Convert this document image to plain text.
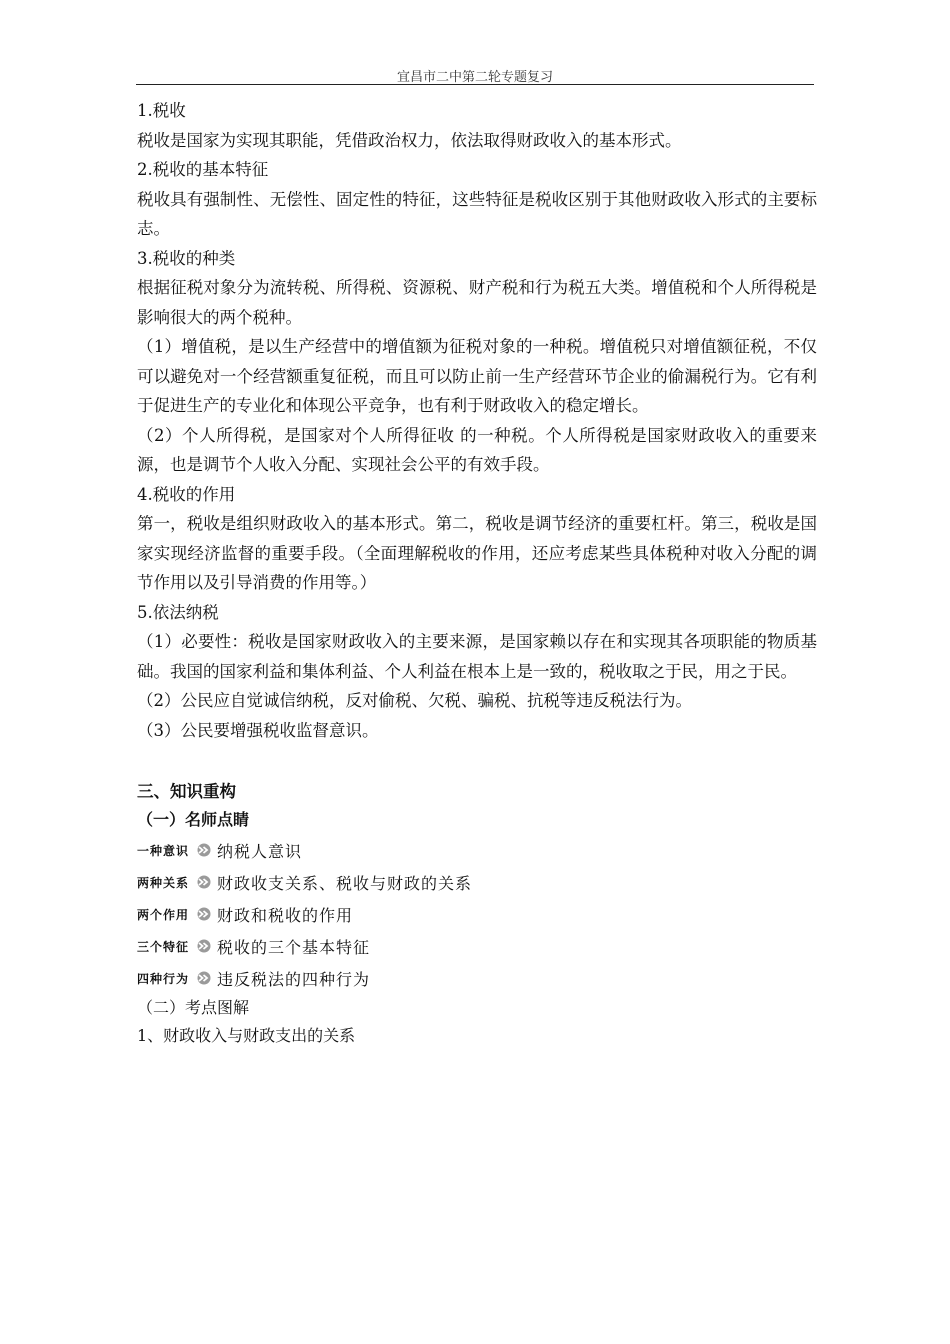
宜昌市二中第二轮专题复习

1.税收

税收是国家为实现其职能，凭借政治权力，依法取得财政收入的基本形式。

2.税收的基本特征

税收具有强制性、无偿性、固定性的特征，这些特征是税收区别于其他财政收入形式的主要标志。

3.税收的种类

根据征税对象分为流转税、所得税、资源税、财产税和行为税五大类。增值税和个人所得税是影响很大的两个税种。

（1）增值税，是以生产经营中的增值额为征税对象的一种税。增值税只对增值额征税，不仅可以避免对一个经营额重复征税，而且可以防止前一生产经营环节企业的偷漏税行为。它有利于促进生产的专业化和体现公平竞争，也有利于财政收入的稳定增长。

（2）个人所得税，是国家对个人所得征收 的一种税。个人所得税是国家财政收入的重要来源，也是调节个人收入分配、实现社会公平的有效手段。

4.税收的作用

第一，税收是组织财政收入的基本形式。第二，税收是调节经济的重要杠杆。第三，税收是国家实现经济监督的重要手段。（全面理解税收的作用，还应考虑某些具体税种对收入分配的调节作用以及引导消费的作用等。）

5.依法纳税

（1）必要性：税收是国家财政收入的主要来源，是国家赖以存在和实现其各项职能的物质基础。我国的国家利益和集体利益、个人利益在根本上是一致的，税收取之于民，用之于民。

（2）公民应自觉诚信纳税，反对偷税、欠税、骗税、抗税等违反税法行为。

（3）公民要增强税收监督意识。

三、知识重构

（一）名师点睛

一种意识 纳税人意识
两种关系 财政收支关系、税收与财政的关系
两个作用 财政和税收的作用
三个特征 税收的三个基本特征
四种行为 违反税法的四种行为

（二）考点图解

1、财政收入与财政支出的关系
